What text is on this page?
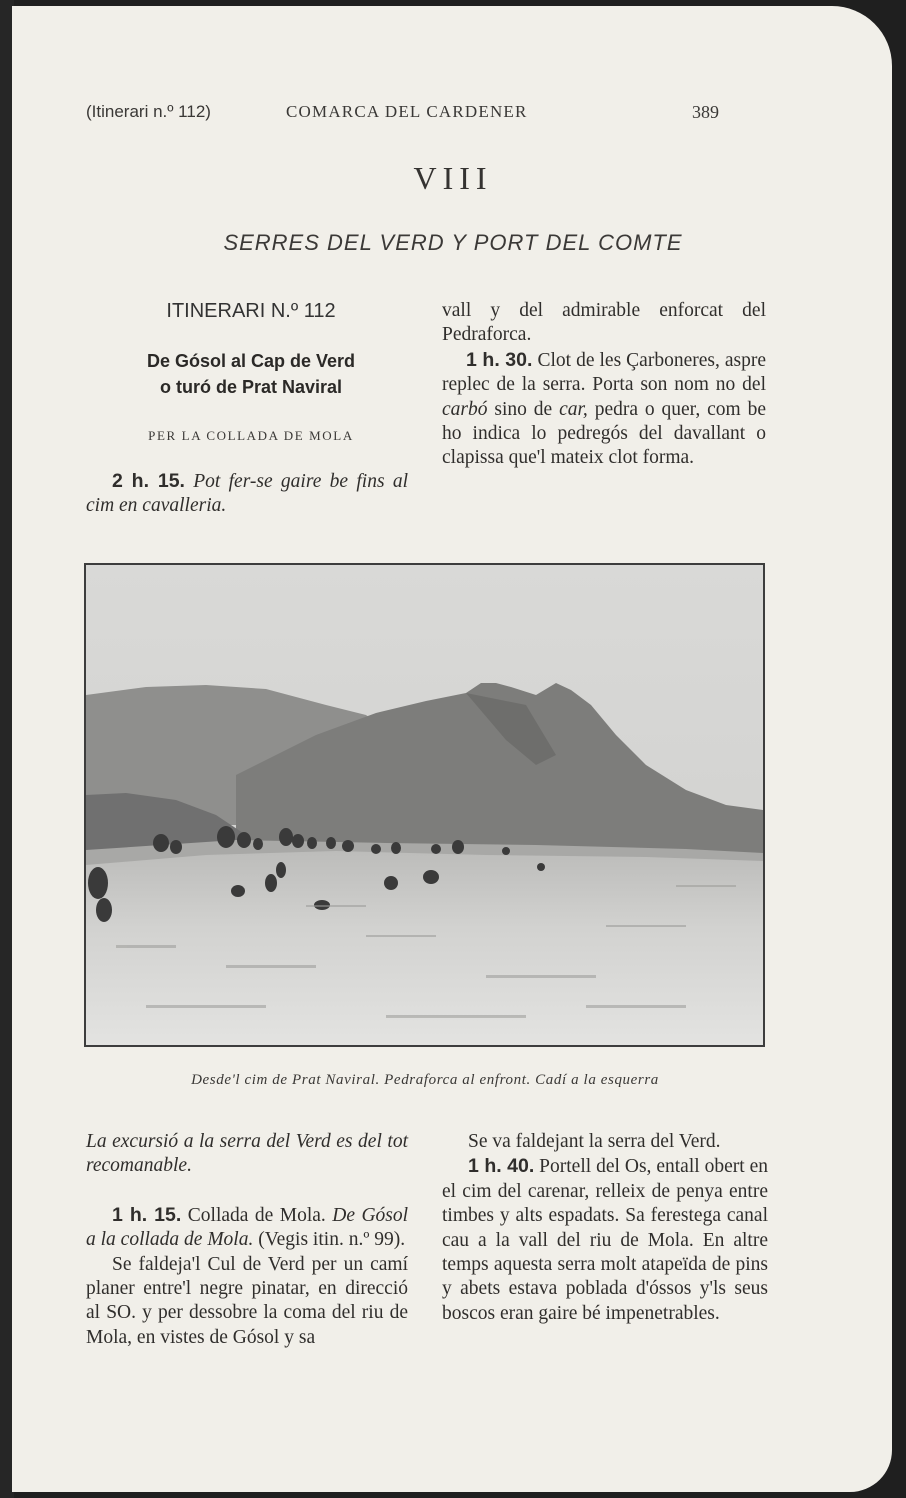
(Itinerari n.º 112)	COMARCA DEL CARDENER	389
VIII
SERRES DEL VERD Y PORT DEL COMTE
ITINERARI N.º 112
De Gósol al Cap de Verd
o turó de Prat Naviral
PER LA COLLADA DE MOLA

2 h. 15. Pot fer-se gaire be fins al cim en cavalleria.

vall y del admirable enforcat del Pedraforca.

1 h. 30. Clot de les Çarboneres, aspre replec de la serra. Porta son nom no del carbó sino de car, pedra o quer, com be ho indica lo pedregós del davallant o clapissa que'l mateix clot forma.

Desde'l cim de Prat Naviral. Pedraforca al enfront. Cadí a la esquerra

La excursió a la serra del Verd es del tot recomanable.

1 h. 15. Collada de Mola. De Gósol a la collada de Mola. (Vegis itin. n.º 99).

Se faldeja'l Cul de Verd per un camí planer entre'l negre pinatar, en direcció al SO. y per dessobre la coma del riu de Mola, en vistes de Gósol y sa

Se va faldejant la serra del Verd.

1 h. 40. Portell del Os, entall obert en el cim del carenar, relleix de penya entre timbes y alts espadats. Sa ferestega canal cau a la vall del riu de Mola. En altre temps aquesta serra molt atapeïda de pins y abets estava poblada d'óssos y'ls seus boscos eran gaire bé impenetrables.
